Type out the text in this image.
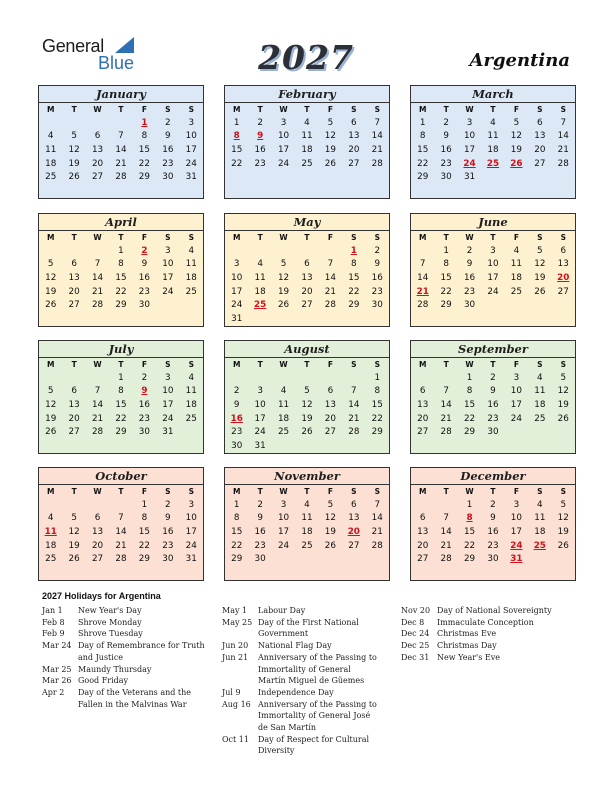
General
Blue	2027	Argentina
January
M	T	W	T	F	S	S
				1	2	3
4	5	6	7	8	9	10
11	12	13	14	15	16	17
18	19	20	21	22	23	24
25	26	27	28	29	30	31
February
M	T	W	T	F	S	S
1	2	3	4	5	6	7
8	9	10	11	12	13	14
15	16	17	18	19	20	21
22	23	24	25	26	27	28
March
M	T	W	T	F	S	S
1	2	3	4	5	6	7
8	9	10	11	12	13	14
15	16	17	18	19	20	21
22	23	24	25	26	27	28
29	30	31				
April
M	T	W	T	F	S	S
			1	2	3	4
5	6	7	8	9	10	11
12	13	14	15	16	17	18
19	20	21	22	23	24	25
26	27	28	29	30		
May
M	T	W	T	F	S	S
					1	2
3	4	5	6	7	8	9
10	11	12	13	14	15	16
17	18	19	20	21	22	23
24	25	26	27	28	29	30
31						
June
M	T	W	T	F	S	S
	1	2	3	4	5	6
7	8	9	10	11	12	13
14	15	16	17	18	19	20
21	22	23	24	25	26	27
28	29	30				
July
M	T	W	T	F	S	S
			1	2	3	4
5	6	7	8	9	10	11
12	13	14	15	16	17	18
19	20	21	22	23	24	25
26	27	28	29	30	31	
August
M	T	W	T	F	S	S
						1
2	3	4	5	6	7	8
9	10	11	12	13	14	15
16	17	18	19	20	21	22
23	24	25	26	27	28	29
30	31					
September
M	T	W	T	F	S	S
		1	2	3	4	5
6	7	8	9	10	11	12
13	14	15	16	17	18	19
20	21	22	23	24	25	26
27	28	29	30			
October
M	T	W	T	F	S	S
				1	2	3
4	5	6	7	8	9	10
11	12	13	14	15	16	17
18	19	20	21	22	23	24
25	26	27	28	29	30	31
November
M	T	W	T	F	S	S
1	2	3	4	5	6	7
8	9	10	11	12	13	14
15	16	17	18	19	20	21
22	23	24	25	26	27	28
29	30					
December
M	T	W	T	F	S	S
		1	2	3	4	5
6	7	8	9	10	11	12
13	14	15	16	17	18	19
20	21	22	23	24	25	26
27	28	29	30	31		
2027 Holidays for Argentina
Jan 1 New Year's Day
Feb 8 Shrove Monday
Feb 9 Shrove Tuesday
Mar 24 Day of Remembrance for Truth and Justice
Mar 25 Maundy Thursday
Mar 26 Good Friday
Apr 2 Day of the Veterans and the Fallen in the Malvinas War
May 1 Labour Day
May 25 Day of the First National Government
Jun 20 National Flag Day
Jun 21 Anniversary of the Passing to Immortality of General Martín Miguel de Güemes
Jul 9 Independence Day
Aug 16 Anniversary of the Passing to Immortality of General José de San Martín
Oct 11 Day of Respect for Cultural Diversity
Nov 20 Day of National Sovereignty
Dec 8 Immaculate Conception
Dec 24 Christmas Eve
Dec 25 Christmas Day
Dec 31 New Year's Eve
